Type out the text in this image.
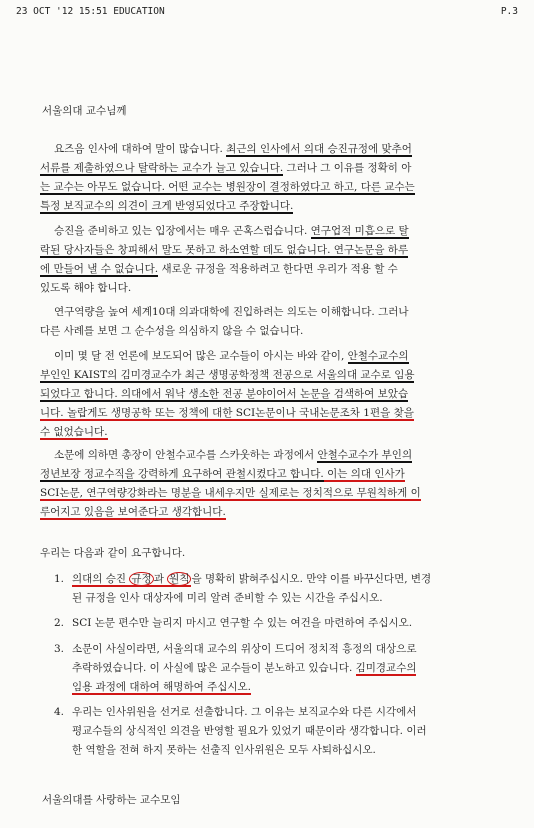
23 OCT '12 15:51 EDUCATION	P.3
서울의대 교수님께
요즈음 인사에 대하여 말이 많습니다. 최근의 인사에서 의대 승진규정에 맞추어
서류를 제출하였으나 탈락하는 교수가 늘고 있습니다. 그러나 그 이유를 정확히 아
는 교수는 아무도 없습니다. 어떤 교수는 병원장이 결정하였다고 하고, 다른 교수는
특정 보직교수의 의견이 크게 반영되었다고 주장합니다.
승진을 준비하고 있는 입장에서는 매우 곤혹스럽습니다. 연구업적 미흡으로 탈
락된 당사자들은 창피해서 말도 못하고 하소연할 데도 없습니다. 연구논문을 하루
에 만들어 낼 수 없습니다. 새로운 규정을 적용하려고 한다면 우리가 적용 할 수
있도록 해야 합니다.
연구역량을 높여 세계10대 의과대학에 진입하려는 의도는 이해합니다. 그러나
다른 사례를 보면 그 순수성을 의심하지 않을 수 없습니다.
이미 몇 달 전 언론에 보도되어 많은 교수들이 아시는 바와 같이, 안철수교수의
부인인 KAIST의 김미경교수가 최근 생명공학정책 전공으로 서울의대 교수로 임용
되었다고 합니다. 의대에서 워낙 생소한 전공 분야이어서 논문을 검색하여 보았습
니다. 놀랍게도 생명공학 또는 정책에 대한 SCI논문이나 국내논문조차 1편을 찾을
수 없었습니다.
소문에 의하면 총장이 안철수교수를 스카웃하는 과정에서 안철수교수가 부인의
정년보장 정교수직을 강력하게 요구하여 관철시켰다고 합니다. 이는 의대 인사가
SCI논문, 연구역량강화라는 명분을 내세우지만 실제로는 정치적으로 무원칙하게 이
루어지고 있음을 보여준다고 생각합니다.
우리는 다음과 같이 요구합니다.
1. 의대의 승진 규정 과 원칙 을 명확히 밝혀주십시오. 만약 이를 바꾸신다면, 변경
된 규정을 인사 대상자에 미리 알려 준비할 수 있는 시간을 주십시오.
2. SCI 논문 편수만 늘리지 마시고 연구할 수 있는 여건을 마련하여 주십시오.
3. 소문이 사실이라면, 서울의대 교수의 위상이 드디어 정치적 흥정의 대상으로
추락하였습니다. 이 사실에 많은 교수들이 분노하고 있습니다. 김미경교수의
임용 과정에 대하여 해명하여 주십시오.
4. 우리는 인사위원을 선거로 선출합니다. 그 이유는 보직교수와 다른 시각에서
평교수들의 상식적인 의견을 반영할 필요가 있었기 때문이라 생각합니다. 이러
한 역할을 전혀 하지 못하는 선출직 인사위원은 모두 사퇴하십시오.
서울의대를 사랑하는 교수모임
